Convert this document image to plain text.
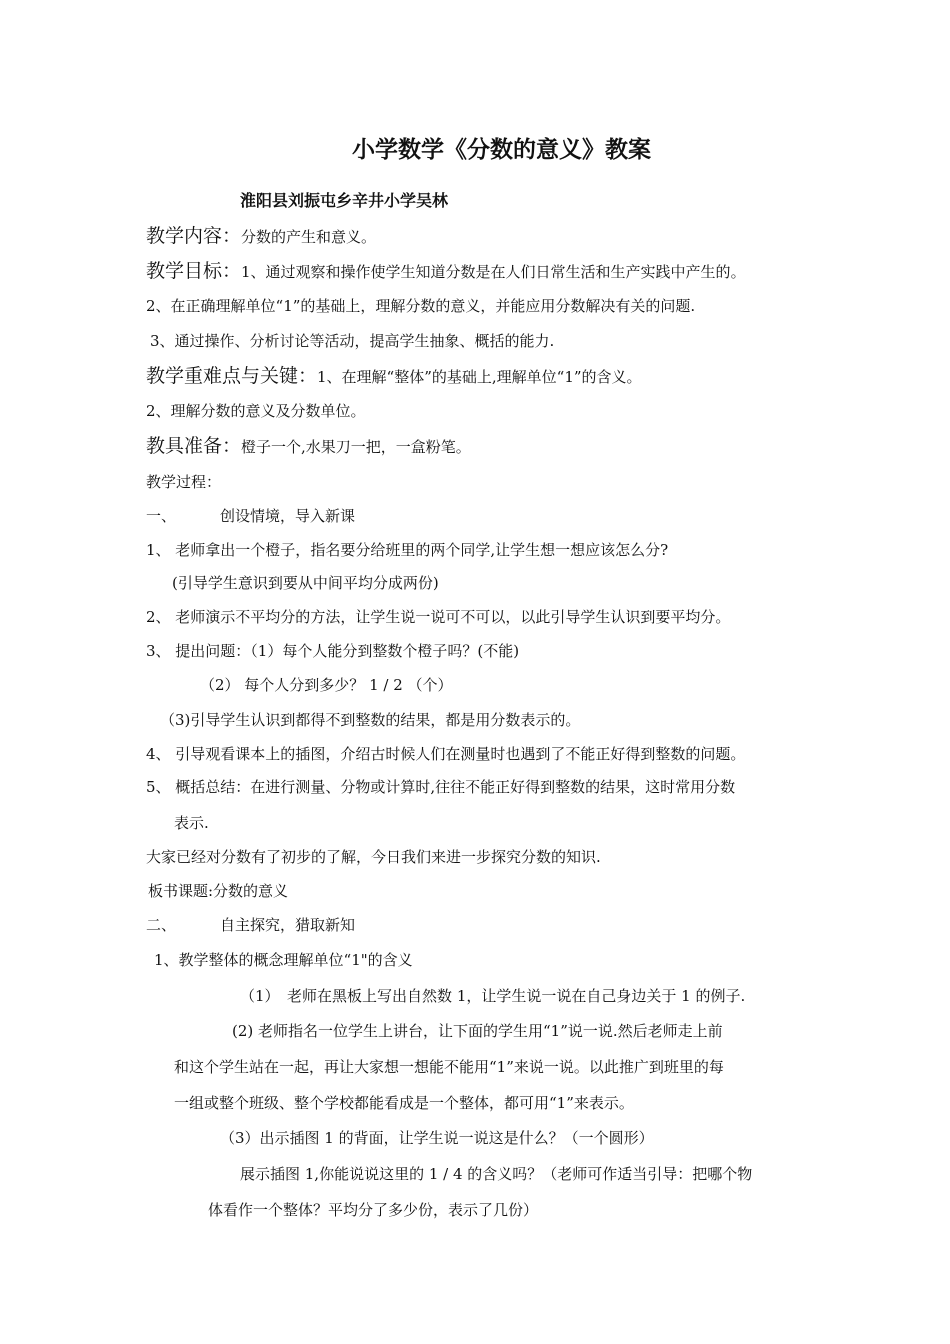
小学数学《分数的意义》教案
淮阳县刘振屯乡辛井小学吴林
教学内容：分数的产生和意义。
教学目标：1、通过观察和操作使学生知道分数是在人们日常生活和生产实践中产生的。
2、在正确理解单位“1”的基础上，理解分数的意义，并能应用分数解决有关的问题.
3、通过操作、分析讨论等活动，提高学生抽象、概括的能力.
教学重难点与关键：1、在理解“整体”的基础上,理解单位“1”的含义。
2、理解分数的意义及分数单位。
教具准备：橙子一个,水果刀一把，一盒粉笔。
教学过程：
一、	创设情境，导入新课
1、 老师拿出一个橙子，指名要分给班里的两个同学,让学生想一想应该怎么分?
(引导学生意识到要从中间平均分成两份)
2、 老师演示不平均分的方法，让学生说一说可不可以，以此引导学生认识到要平均分。
3、 提出问题：（1）每个人能分到整数个橙子吗？(不能)
（2） 每个人分到多少？ 1 / 2 （个）
（3)引导学生认识到都得不到整数的结果，都是用分数表示的。
4、 引导观看课本上的插图，介绍古时候人们在测量时也遇到了不能正好得到整数的问题。
5、 概括总结：在进行测量、分物或计算时,往往不能正好得到整数的结果，这时常用分数
表示.
大家已经对分数有了初步的了解，今日我们来进一步探究分数的知识.
板书课题:分数的意义
二、	自主探究，猎取新知
1、教学整体的概念理解单位“1"的含义
（1）　老师在黑板上写出自然数 1，让学生说一说在自己身边关于 1 的例子.
(2) 老师指名一位学生上讲台，让下面的学生用“1”说一说.然后老师走上前
和这个学生站在一起，再让大家想一想能不能用“1”来说一说。以此推广到班里的每
一组或整个班级、整个学校都能看成是一个整体，都可用“1”来表示。
（3）出示插图 1 的背面，让学生说一说这是什么？（一个圆形）
展示插图 1,你能说说这里的 1 / 4 的含义吗？（老师可作适当引导：把哪个物
体看作一个整体？平均分了多少份，表示了几份）
